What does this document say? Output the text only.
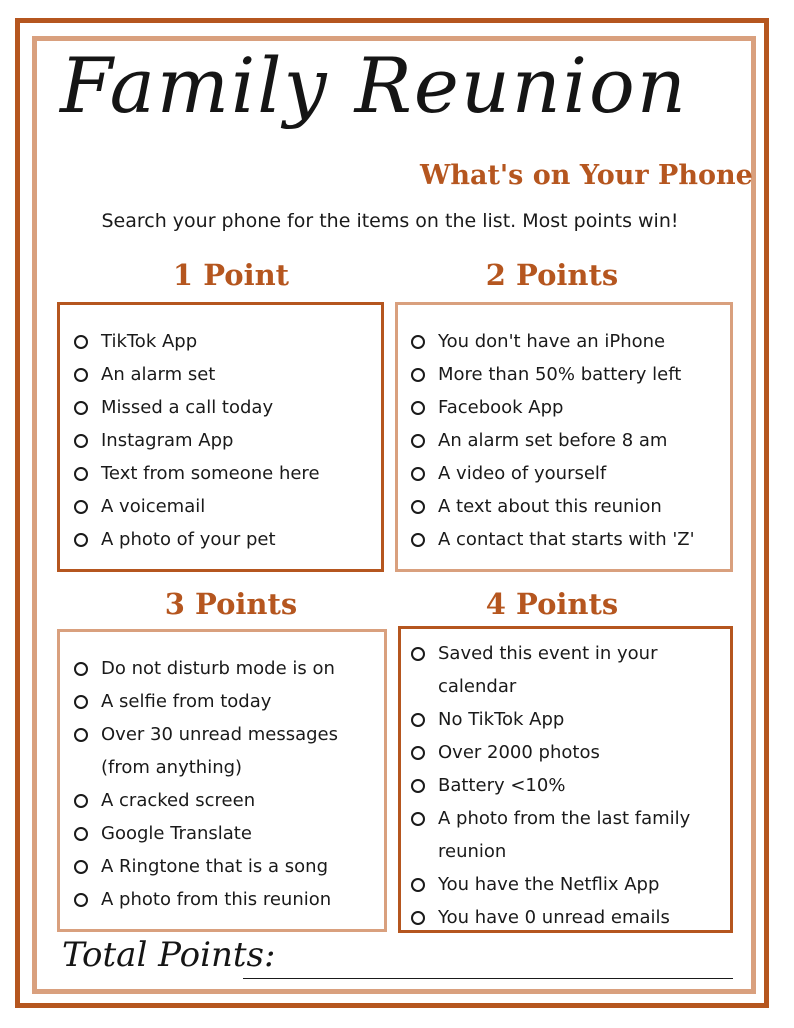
Family Reunion
What's on Your Phone
Search your phone for the items on the list. Most points win!
1 Point
TikTok App
An alarm set
Missed a call today
Instagram App
Text from someone here
A voicemail
A photo of your pet
2 Points
You don't have an iPhone
More than 50% battery left
Facebook App
An alarm set before 8 am
A video of yourself
A text about this reunion
A contact that starts with 'Z'
3 Points
Do not disturb mode is on
A selfie from today
Over 30 unread messages (from anything)
A cracked screen
Google Translate
A Ringtone that is a song
A photo from this reunion
4 Points
Saved this event in your calendar
No TikTok App
Over 2000 photos
Battery <10%
A photo from the last family reunion
You have the Netflix App
You have 0 unread emails
Total Points:
